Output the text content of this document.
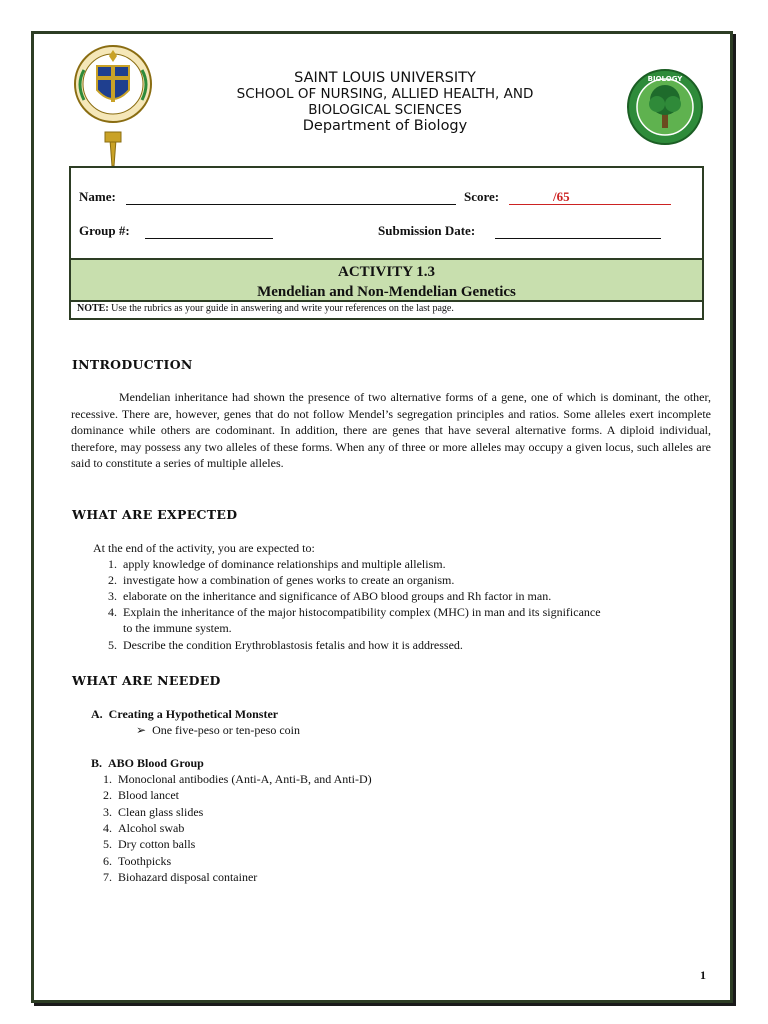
SAINT LOUIS UNIVERSITY
SCHOOL OF NURSING, ALLIED HEALTH, AND
BIOLOGICAL SCIENCES
Department of Biology
BIOLOGY
Name:	Score:	/65
Group #:	Submission Date:
ACTIVITY 1.3
Mendelian and Non-Mendelian Genetics
NOTE: Use the rubrics as your guide in answering and write your references on the last page.
INTRODUCTION
Mendelian inheritance had shown the presence of two alternative forms of a gene, one of which is dominant, the other, recessive. There are, however, genes that do not follow Mendel’s segregation principles and ratios. Some alleles exert incomplete dominance while others are codominant. In addition, there are genes that have several alternative forms. A diploid individual, therefore, may possess any two alleles of these forms. When any of three or more alleles may occupy a given locus, such alleles are said to constitute a series of multiple alleles.
WHAT ARE EXPECTED
At the end of the activity, you are expected to:
1. apply knowledge of dominance relationships and multiple allelism.
2. investigate how a combination of genes works to create an organism.
3. elaborate on the inheritance and significance of ABO blood groups and Rh factor in man.
4. Explain the inheritance of the major histocompatibility complex (MHC) in man and its significance
to the immune system.
5. Describe the condition Erythroblastosis fetalis and how it is addressed.
WHAT ARE NEEDED
A. Creating a Hypothetical Monster
➢ One five-peso or ten-peso coin
B. ABO Blood Group
1. Monoclonal antibodies (Anti-A, Anti-B, and Anti-D)
2. Blood lancet
3. Clean glass slides
4. Alcohol swab
5. Dry cotton balls
6. Toothpicks
7. Biohazard disposal container
1
